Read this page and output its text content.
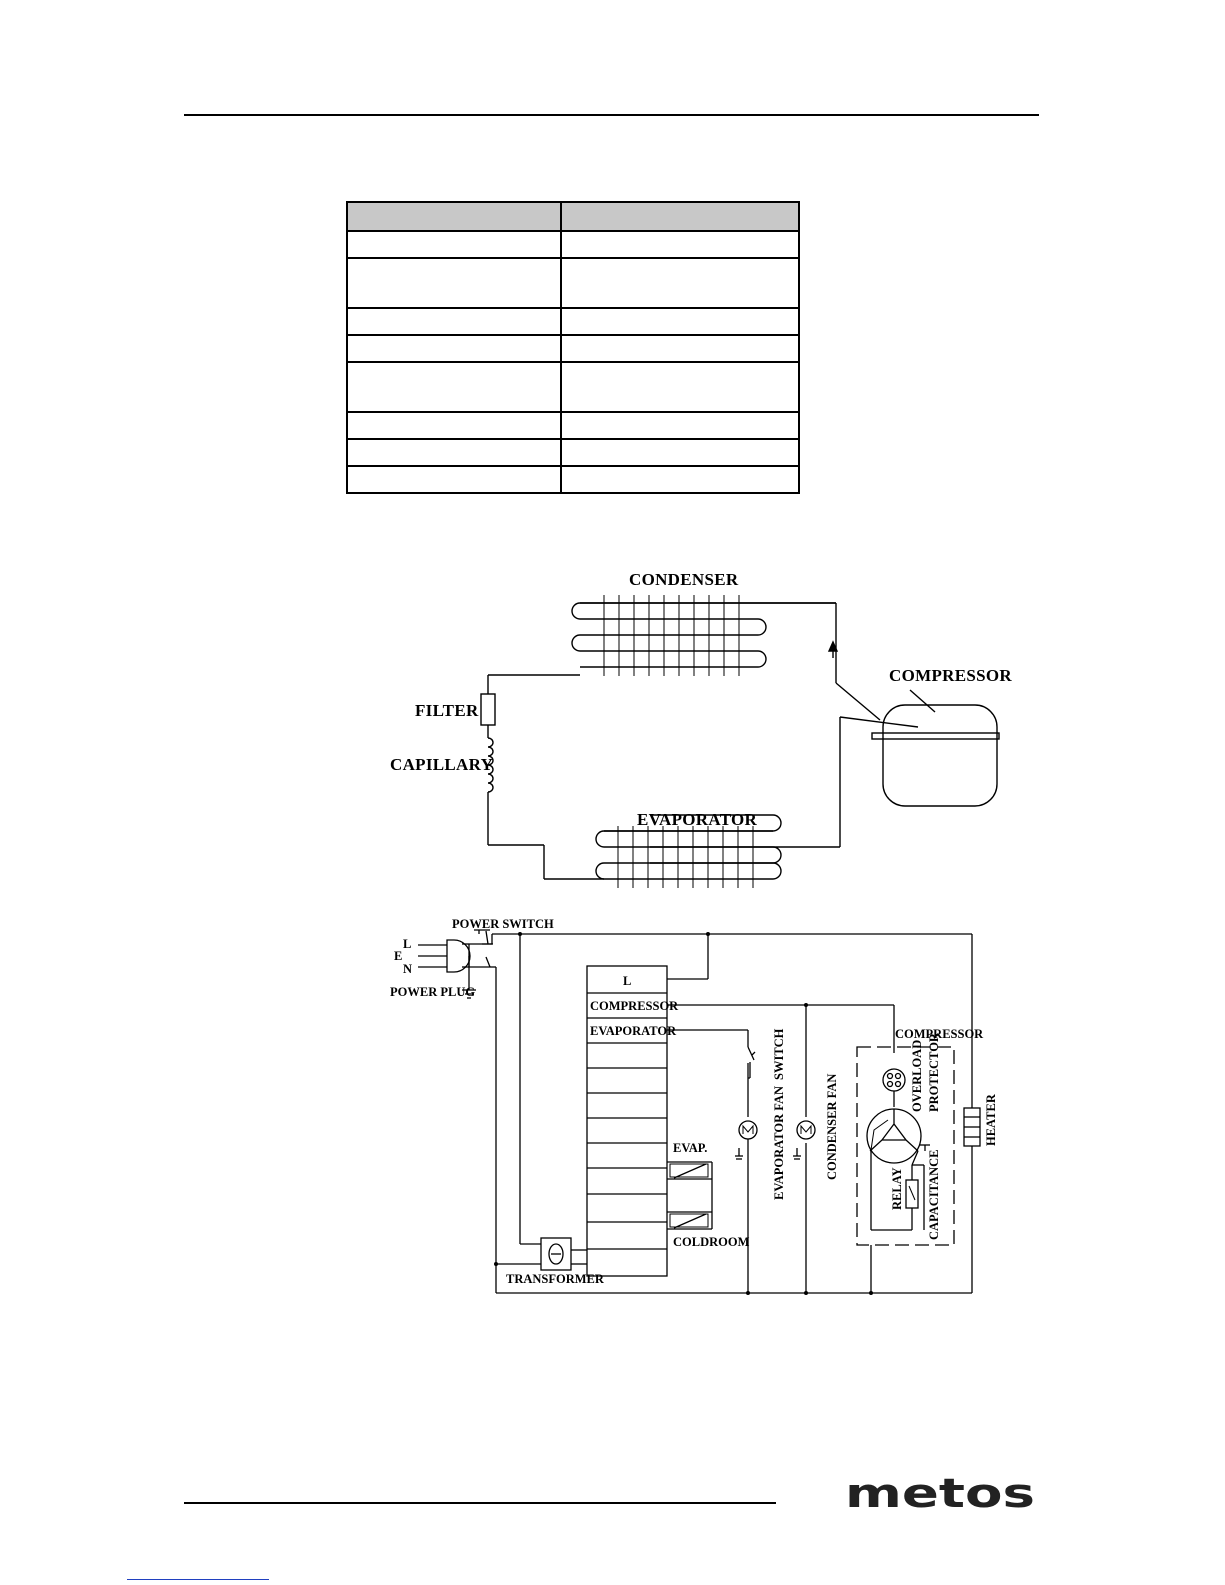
CONDENSER
COMPRESSOR
FILTER
CAPILLARY
EVAPORATOR
POWER SWITCH
L
E
N
POWER PLUG
L
COMPRESSOR
EVAPORATOR
EVAP.
COLDROOM
TRANSFORMER
COMPRESSOR
SWITCH
EVAPORATOR FAN	CONDENSER FAN	OVERLOAD PROTECTOR
RELAY CAPACITANCE
HEATER
metos
